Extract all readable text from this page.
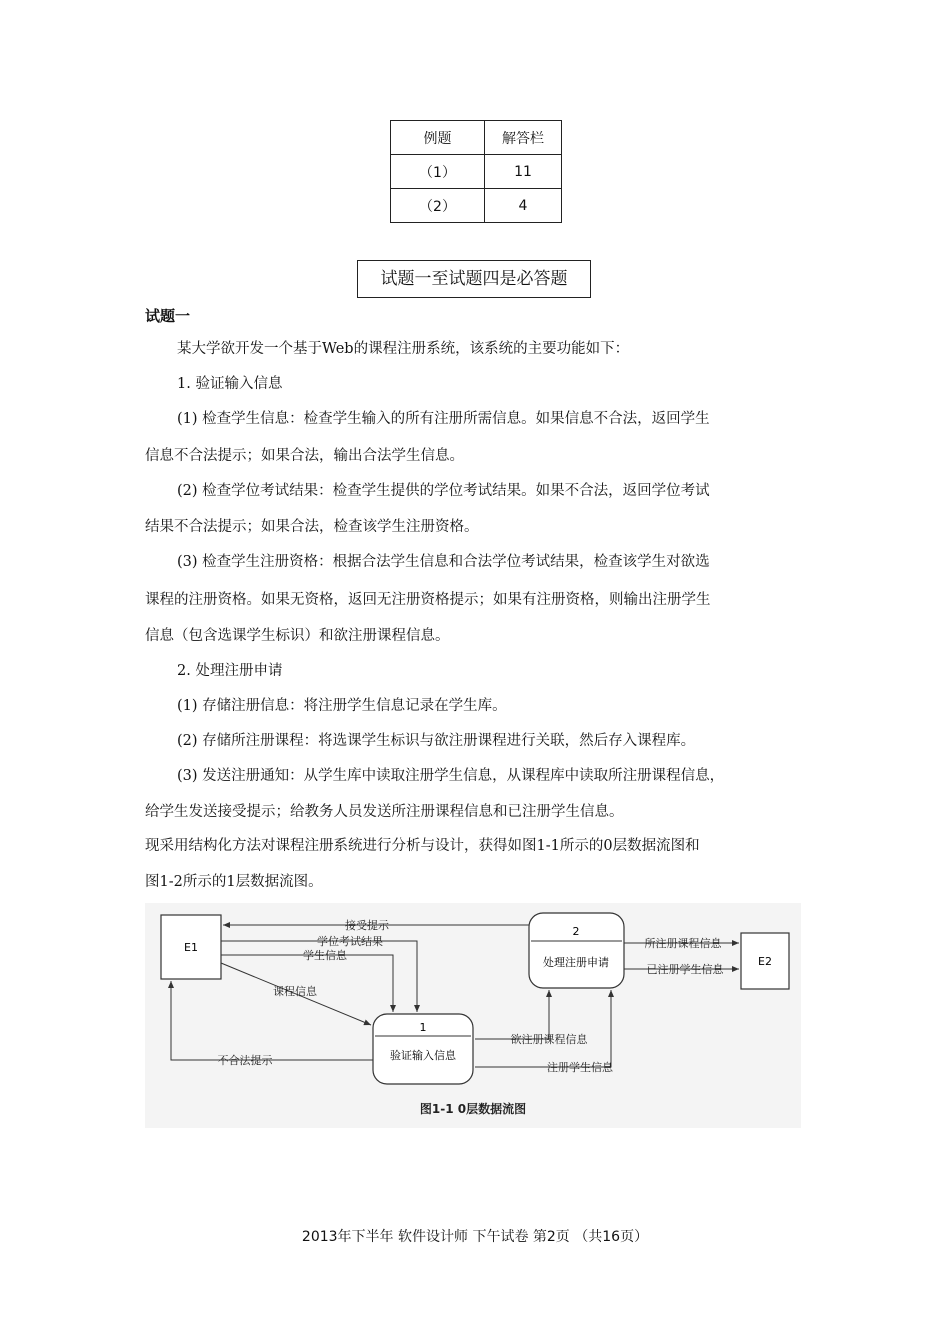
例题	解答栏
（1）	11
（2）	4
试题一至试题四是必答题
试题一
某大学欲开发一个基于Web的课程注册系统，该系统的主要功能如下：
1. 验证输入信息
(1) 检查学生信息：检查学生输入的所有注册所需信息。如果信息不合法，返回学生
信息不合法提示；如果合法，输出合法学生信息。
(2) 检查学位考试结果：检查学生提供的学位考试结果。如果不合法，返回学位考试
结果不合法提示；如果合法，检查该学生注册资格。
(3) 检查学生注册资格：根据合法学生信息和合法学位考试结果，检查该学生对欲选
课程的注册资格。如果无资格，返回无注册资格提示；如果有注册资格，则输出注册学生
信息（包含选课学生标识）和欲注册课程信息。
2. 处理注册申请
(1) 存储注册信息：将注册学生信息记录在学生库。
(2) 存储所注册课程：将选课学生标识与欲注册课程进行关联，然后存入课程库。
(3) 发送注册通知：从学生库中读取注册学生信息，从课程库中读取所注册课程信息，
给学生发送接受提示；给教务人员发送所注册课程信息和已注册学生信息。
现采用结构化方法对课程注册系统进行分析与设计，获得如图1-1所示的0层数据流图和
图1-2所示的1层数据流图。
E1
E2
1
验证输入信息
2
处理注册申请
接受提示
学位考试结果
学生信息
课程信息
不合法提示
欲注册课程信息
注册学生信息
所注册课程信息
已注册学生信息
图1-1 0层数据流图
2013年下半年 软件设计师 下午试卷 第2页 （共16页）
